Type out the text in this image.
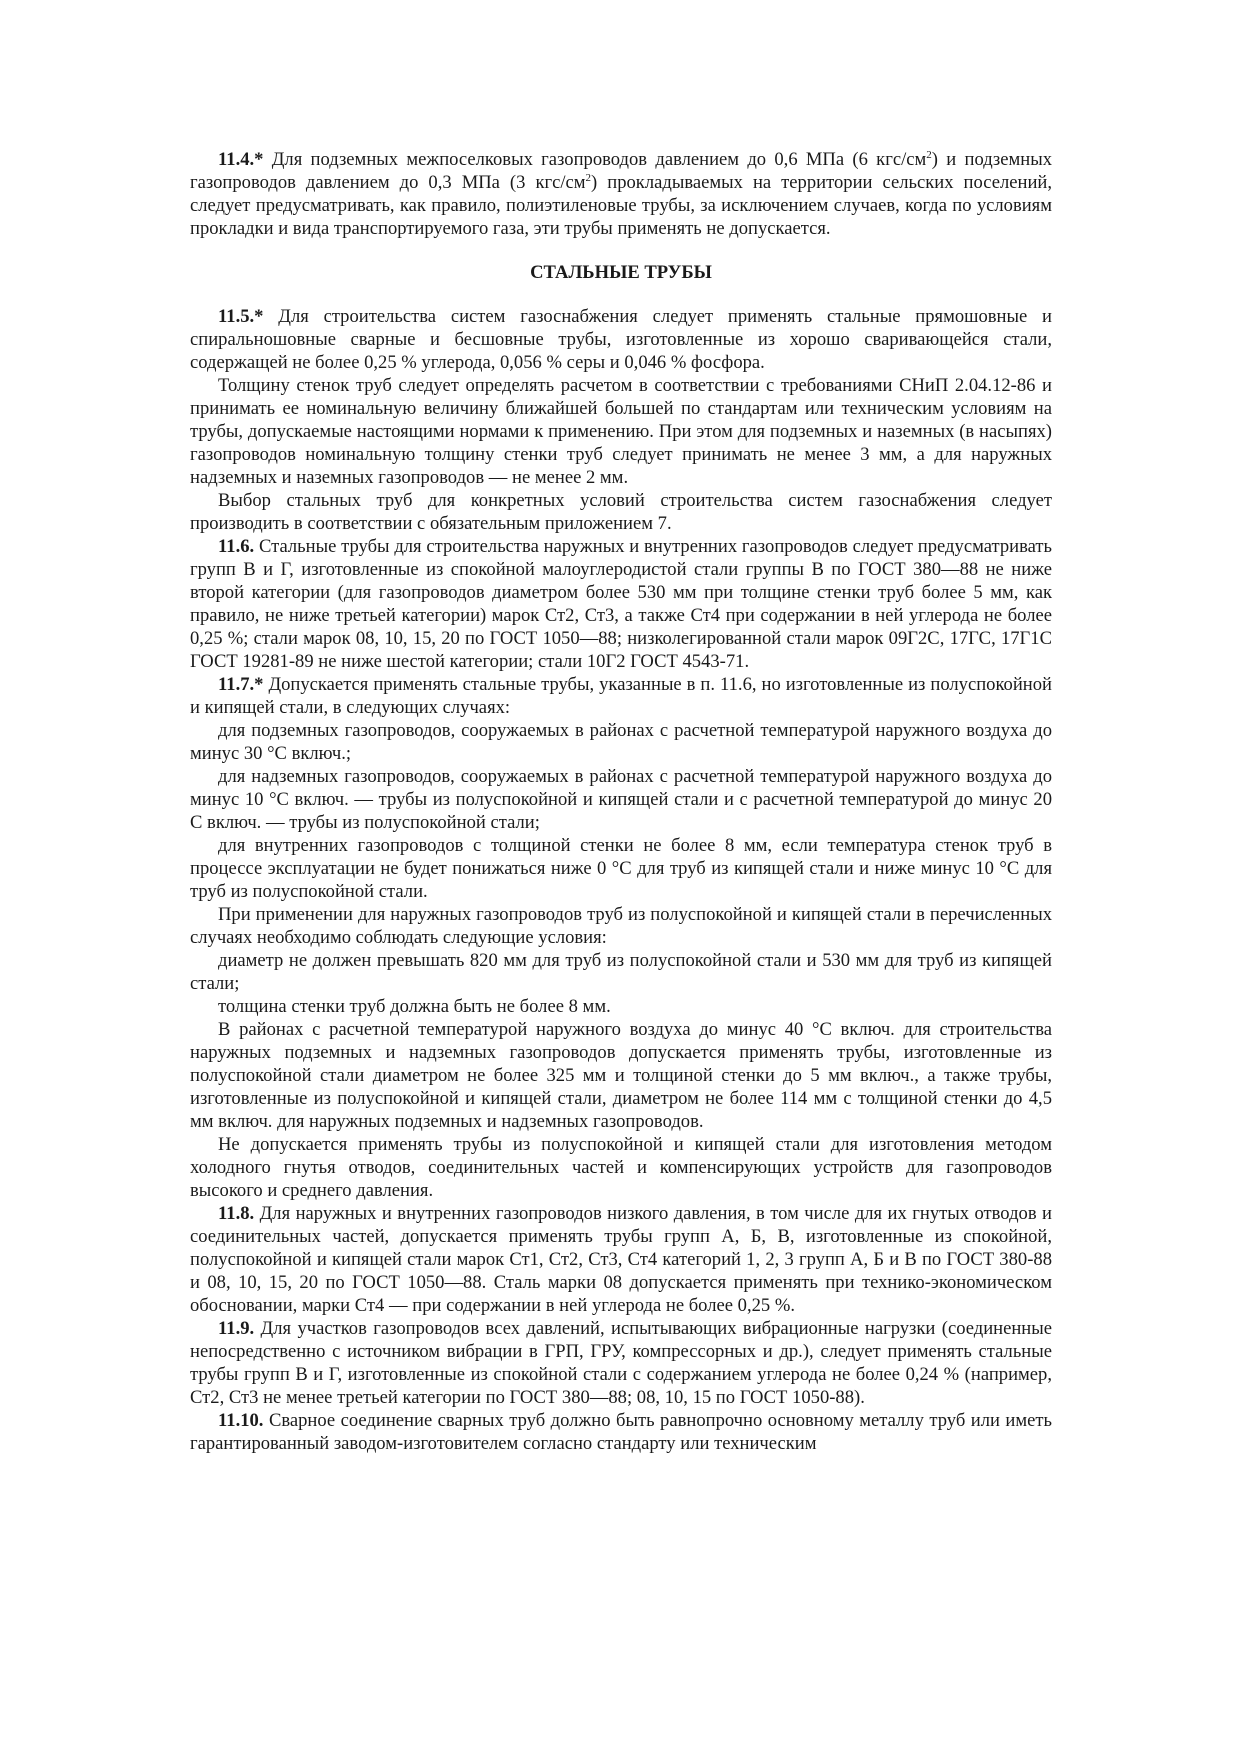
11.4.* Для подземных межпоселковых газопроводов давлением до 0,6 МПа (6 кгс/$см^2$) и подземных газопроводов давлением до 0,3 МПа (3 кгс/$см^2$) прокладываемых на территории сельских поселений, следует предусматривать, как правило, полиэтиленовые трубы, за исключением случаев, когда по условиям прокладки и вида транспортируемого газа, эти трубы применять не допускается.

СТАЛЬНЫЕ ТРУБЫ

11.5.* Для строительства систем газоснабжения следует применять стальные прямошовные и спиральношовные сварные и бесшовные трубы, изготовленные из хорошо сваривающейся стали, содержащей не более 0,25 % углерода, 0,056 % серы и 0,046 % фосфора.

Толщину стенок труб следует определять расчетом в соответствии с требованиями СНиП 2.04.12-86 и принимать ее номинальную величину ближайшей большей по стандартам или техническим условиям на трубы, допускаемые настоящими нормами к применению. При этом для подземных и наземных (в насыпях) газопроводов номинальную толщину стенки труб следует принимать не менее 3 мм, а для наружных надземных и наземных газопроводов — не менее 2 мм.

Выбор стальных труб для конкретных условий строительства систем газоснабжения следует производить в соответствии с обязательным приложением 7.

11.6. Стальные трубы для строительства наружных и внутренних газопроводов следует предусматривать групп В и Г, изготовленные из спокойной малоуглеродистой стали группы В по ГОСТ 380—88 не ниже второй категории (для газопроводов диаметром более 530 мм при толщине стенки труб более 5 мм, как правило, не ниже третьей категории) марок Ст2, Ст3, а также Ст4 при содержании в ней углерода не более 0,25 %; стали марок 08, 10, 15, 20 по ГОСТ 1050—88; низколегированной стали марок 09Г2С, 17ГС, 17Г1С ГОСТ 19281-89 не ниже шестой категории; стали 10Г2 ГОСТ 4543-71.

11.7.* Допускается применять стальные трубы, указанные в п. 11.6, но изготовленные из полуспокойной и кипящей стали, в следующих случаях:

для подземных газопроводов, сооружаемых в районах с расчетной температурой наружного воздуха до минус 30 °С включ.;

для надземных газопроводов, сооружаемых в районах с расчетной температурой наружного воздуха до минус 10 °С включ. — трубы из полуспокойной и кипящей стали и с расчетной температурой до минус 20 С включ. — трубы из полуспокойной стали;

для внутренних газопроводов с толщиной стенки не более 8 мм, если температура стенок труб в процессе эксплуатации не будет понижаться ниже 0 °С для труб из кипящей стали и ниже минус 10 °С для труб из полуспокойной стали.

При применении для наружных газопроводов труб из полуспокойной и кипящей стали в перечисленных случаях необходимо соблюдать следующие условия:

диаметр не должен превышать 820 мм для труб из полуспокойной стали и 530 мм для труб из кипящей стали;

толщина стенки труб должна быть не более 8 мм.

В районах с расчетной температурой наружного воздуха до минус 40 °С включ. для строительства наружных подземных и надземных газопроводов допускается применять трубы, изготовленные из полуспокойной стали диаметром не более 325 мм и толщиной стенки до 5 мм включ., а также трубы, изготовленные из полуспокойной и кипящей стали, диаметром не более 114 мм с толщиной стенки до 4,5 мм включ. для наружных подземных и надземных газопроводов.

Не допускается применять трубы из полуспокойной и кипящей стали для изготовления методом холодного гнутья отводов, соединительных частей и компенсирующих устройств для газопроводов высокого и среднего давления.

11.8. Для наружных и внутренних газопроводов низкого давления, в том числе для их гнутых отводов и соединительных частей, допускается применять трубы групп А, Б, В, изготовленные из спокойной, полуспокойной и кипящей стали марок Ст1, Ст2, Ст3, Ст4 категорий 1, 2, 3 групп А, Б и В по ГОСТ 380-88 и 08, 10, 15, 20 по ГОСТ 1050—88. Сталь марки 08 допускается применять при технико-экономическом обосновании, марки Ст4 — при содержании в ней углерода не более 0,25 %.

11.9. Для участков газопроводов всех давлений, испытывающих вибрационные нагрузки (соединенные непосредственно с источником вибрации в ГРП, ГРУ, компрессорных и др.), следует применять стальные трубы групп В и Г, изготовленные из спокойной стали с содержанием углерода не более 0,24 % (например, Ст2, Ст3 не менее третьей категории по ГОСТ 380—88; 08, 10, 15 по ГОСТ 1050-88).

11.10. Сварное соединение сварных труб должно быть равнопрочно основному металлу труб или иметь гарантированный заводом-изготовителем согласно стандарту или техническим
